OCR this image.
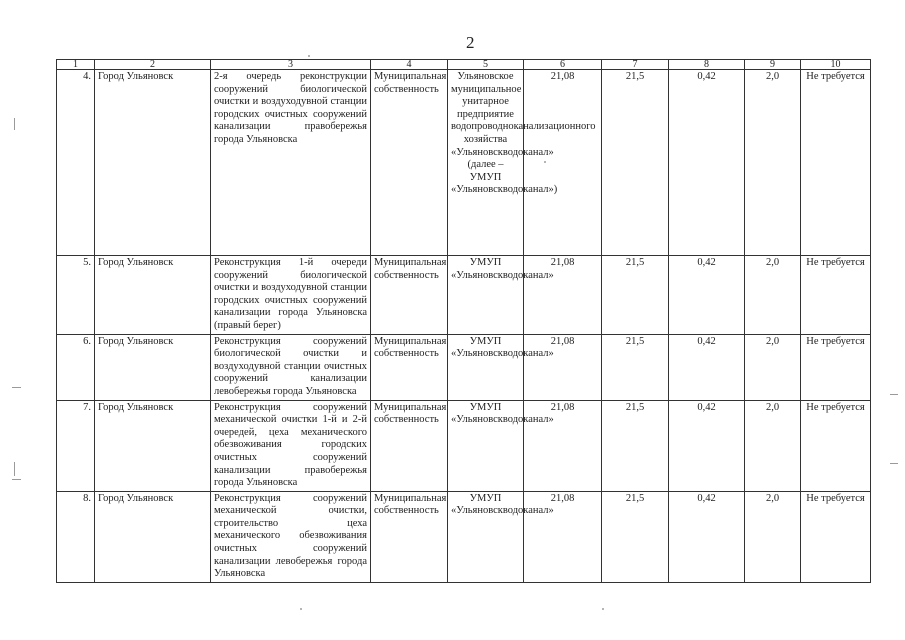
2
1	2	3	4	5	6	7	8	9	10
4.	Город Ульяновск	2-я очередь реконструкции сооружений биологической очистки и воздуходувной станции городских очистных сооружений канализации правобережья города Ульяновска	Муниципальная собственность	Ульяновское муниципальное унитарное предприятие водопроводноканализационного хозяйства «Ульяновскводоканал» (далее – УМУП «Ульяновскводоканал»)	21,08	21,5	0,42	2,0	Не требуется
5.	Город Ульяновск	Реконструкция 1-й очереди сооружений биологической очистки и воздуходувной станции городских очистных сооружений канализации города Ульяновска (правый берег)	Муниципальная собственность	УМУП «Ульяновскводоканал»	21,08	21,5	0,42	2,0	Не требуется
6.	Город Ульяновск	Реконструкция сооружений биологической очистки и воздуходувной станции очистных сооружений канализации левобережья города Ульяновска	Муниципальная собственность	УМУП «Ульяновскводоканал»	21,08	21,5	0,42	2,0	Не требуется
7.	Город Ульяновск	Реконструкция сооружений механической очистки 1-й и 2-й очередей, цеха механического обезвоживания городских очистных сооружений канализации правобережья города Ульяновска	Муниципальная собственность	УМУП «Ульяновскводоканал»	21,08	21,5	0,42	2,0	Не требуется
8.	Город Ульяновск	Реконструкция сооружений механической очистки, строительство цеха механического обезвоживания очистных сооружений канализации левобережья города Ульяновска	Муниципальная собственность	УМУП «Ульяновскводоканал»	21,08	21,5	0,42	2,0	Не требуется
